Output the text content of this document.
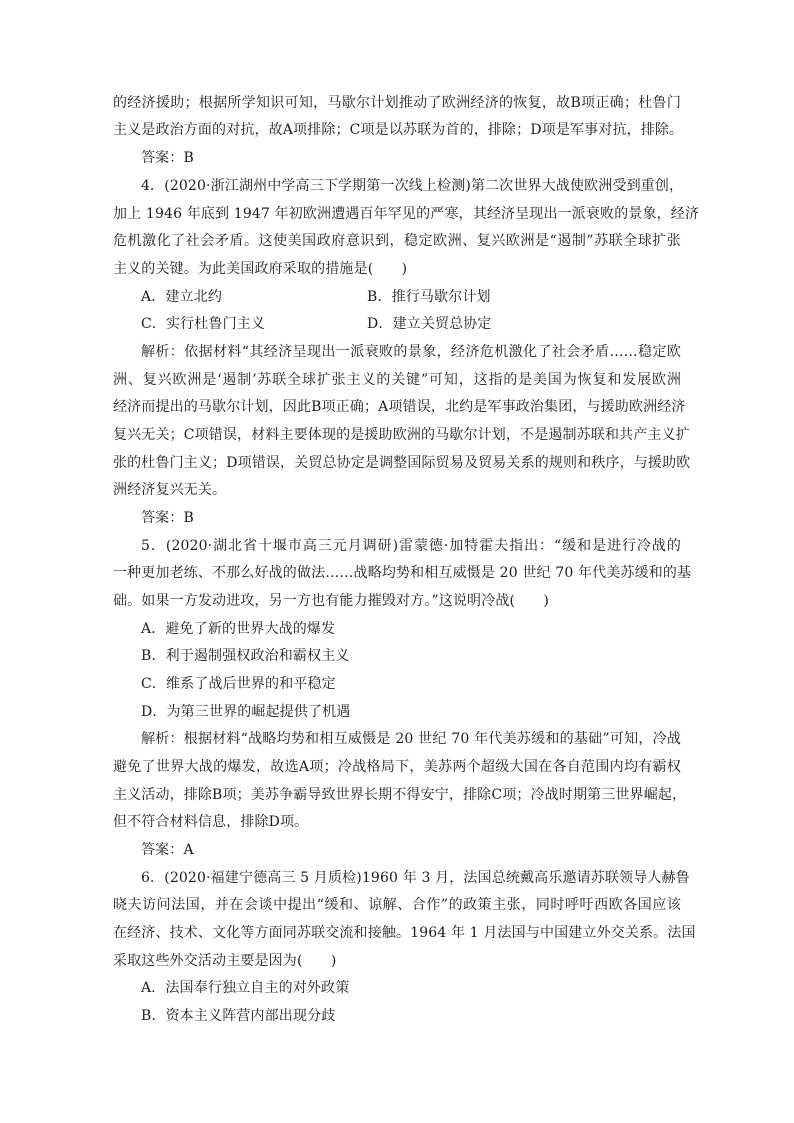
的经济援助；根据所学知识可知，马歇尔计划推动了欧洲经济的恢复，故B项正确；杜鲁门
主义是政治方面的对抗，故A项排除；C项是以苏联为首的，排除；D项是军事对抗，排除。
答案：B
4．(2020·浙江湖州中学高三下学期第一次线上检测)第二次世界大战使欧洲受到重创，
加上 1946 年底到 1947 年初欧洲遭遇百年罕见的严寒，其经济呈现出一派衰败的景象，经济
危机激化了社会矛盾。这使美国政府意识到，稳定欧洲、复兴欧洲是“遏制”苏联全球扩张
主义的关键。为此美国政府采取的措施是(　　)
A．建立北约	B．推行马歇尔计划
C．实行杜鲁门主义	D．建立关贸总协定
解析：依据材料“其经济呈现出一派衰败的景象，经济危机激化了社会矛盾……稳定欧
洲、复兴欧洲是‘遏制’苏联全球扩张主义的关键”可知，这指的是美国为恢复和发展欧洲
经济而提出的马歇尔计划，因此B项正确；A项错误，北约是军事政治集团，与援助欧洲经济
复兴无关；C项错误，材料主要体现的是援助欧洲的马歇尔计划，不是遏制苏联和共产主义扩
张的杜鲁门主义；D项错误，关贸总协定是调整国际贸易及贸易关系的规则和秩序，与援助欧
洲经济复兴无关。
答案：B
5．(2020·湖北省十堰市高三元月调研)雷蒙德·加特霍夫指出：“缓和是进行冷战的
一种更加老练、不那么好战的做法……战略均势和相互威慑是 20 世纪 70 年代美苏缓和的基
础。如果一方发动进攻，另一方也有能力摧毁对方。”这说明冷战(　　)
A．避免了新的世界大战的爆发
B．利于遏制强权政治和霸权主义
C．维系了战后世界的和平稳定
D．为第三世界的崛起提供了机遇
解析：根据材料“战略均势和相互威慑是 20 世纪 70 年代美苏缓和的基础”可知，冷战
避免了世界大战的爆发，故选A项；冷战格局下，美苏两个超级大国在各自范围内均有霸权
主义活动，排除B项；美苏争霸导致世界长期不得安宁，排除C项；冷战时期第三世界崛起，
但不符合材料信息，排除D项。
答案：A
6．(2020·福建宁德高三 5 月质检)1960 年 3 月，法国总统戴高乐邀请苏联领导人赫鲁
晓夫访问法国，并在会谈中提出“缓和、谅解、合作”的政策主张，同时呼吁西欧各国应该
在经济、技术、文化等方面同苏联交流和接触。1964 年 1 月法国与中国建立外交关系。法国
采取这些外交活动主要是因为(　　)
A．法国奉行独立自主的对外政策
B．资本主义阵营内部出现分歧
